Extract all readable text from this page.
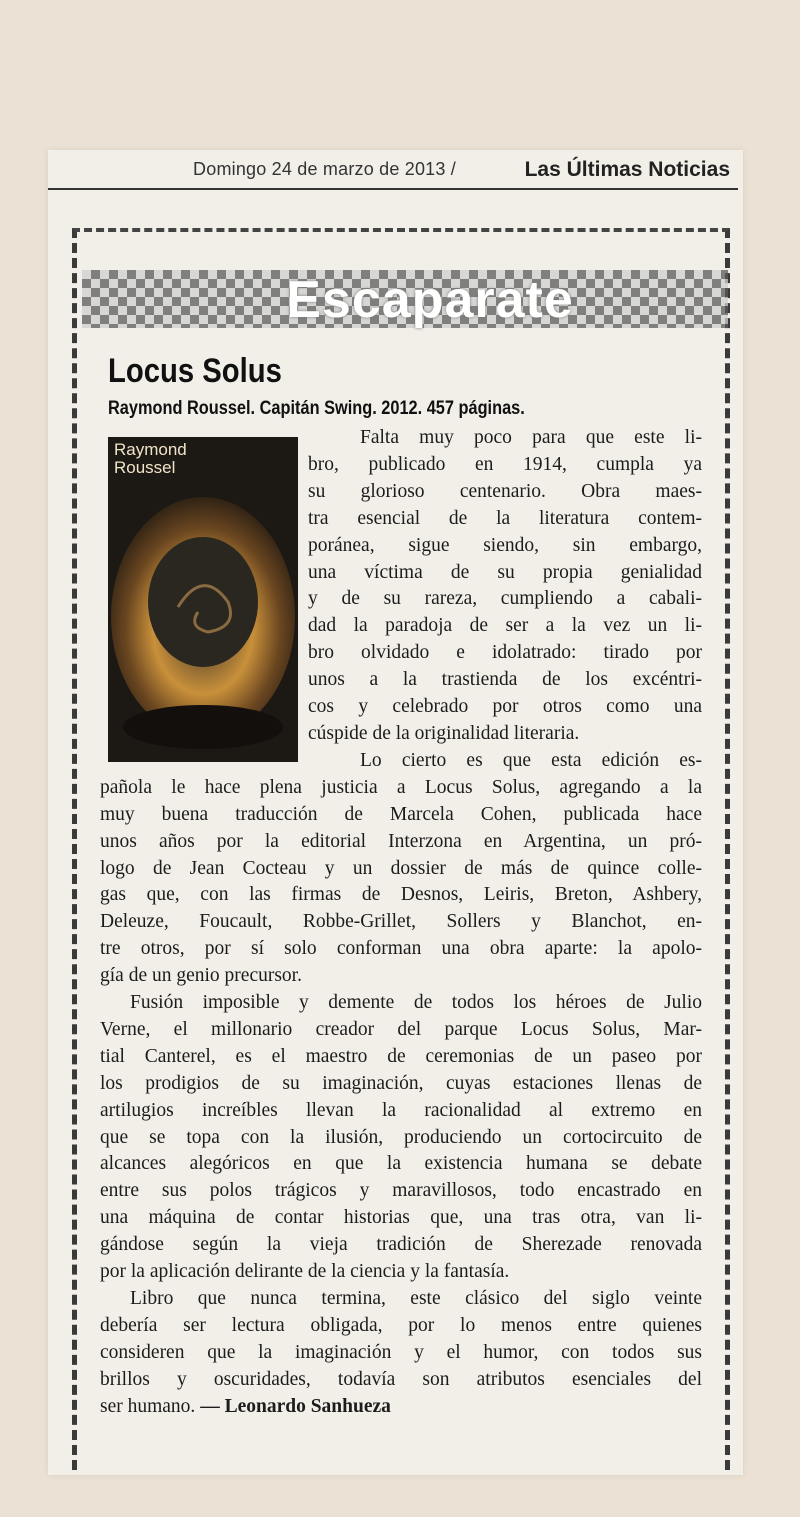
Domingo 24 de marzo de 2013 /	Las Últimas Noticias
Escaparate
Locus Solus
Raymond Roussel. Capitán Swing. 2012. 457 páginas.
Raymond
Roussel
Falta muy poco para que este li-
bro, publicado en 1914, cumpla ya
su glorioso centenario. Obra maes-
tra esencial de la literatura contem-
poránea, sigue siendo, sin embargo,
una víctima de su propia genialidad
y de su rareza, cumpliendo a cabali-
dad la paradoja de ser a la vez un li-
bro olvidado e idolatrado: tirado por
unos a la trastienda de los excéntri-
cos y celebrado por otros como una
cúspide de la originalidad literaria.
Lo cierto es que esta edición es-
pañola le hace plena justicia a Locus Solus, agregando a la
muy buena traducción de Marcela Cohen, publicada hace
unos años por la editorial Interzona en Argentina, un pró-
logo de Jean Cocteau y un dossier de más de quince colle-
gas que, con las firmas de Desnos, Leiris, Breton, Ashbery,
Deleuze, Foucault, Robbe-Grillet, Sollers y Blanchot, en-
tre otros, por sí solo conforman una obra aparte: la apolo-
gía de un genio precursor.
Fusión imposible y demente de todos los héroes de Julio
Verne, el millonario creador del parque Locus Solus, Mar-
tial Canterel, es el maestro de ceremonias de un paseo por
los prodigios de su imaginación, cuyas estaciones llenas de
artilugios increíbles llevan la racionalidad al extremo en
que se topa con la ilusión, produciendo un cortocircuito de
alcances alegóricos en que la existencia humana se debate
entre sus polos trágicos y maravillosos, todo encastrado en
una máquina de contar historias que, una tras otra, van li-
gándose según la vieja tradición de Sherezade renovada
por la aplicación delirante de la ciencia y la fantasía.
Libro que nunca termina, este clásico del siglo veinte
debería ser lectura obligada, por lo menos entre quienes
consideren que la imaginación y el humor, con todos sus
brillos y oscuridades, todavía son atributos esenciales del
ser humano. — Leonardo Sanhueza
